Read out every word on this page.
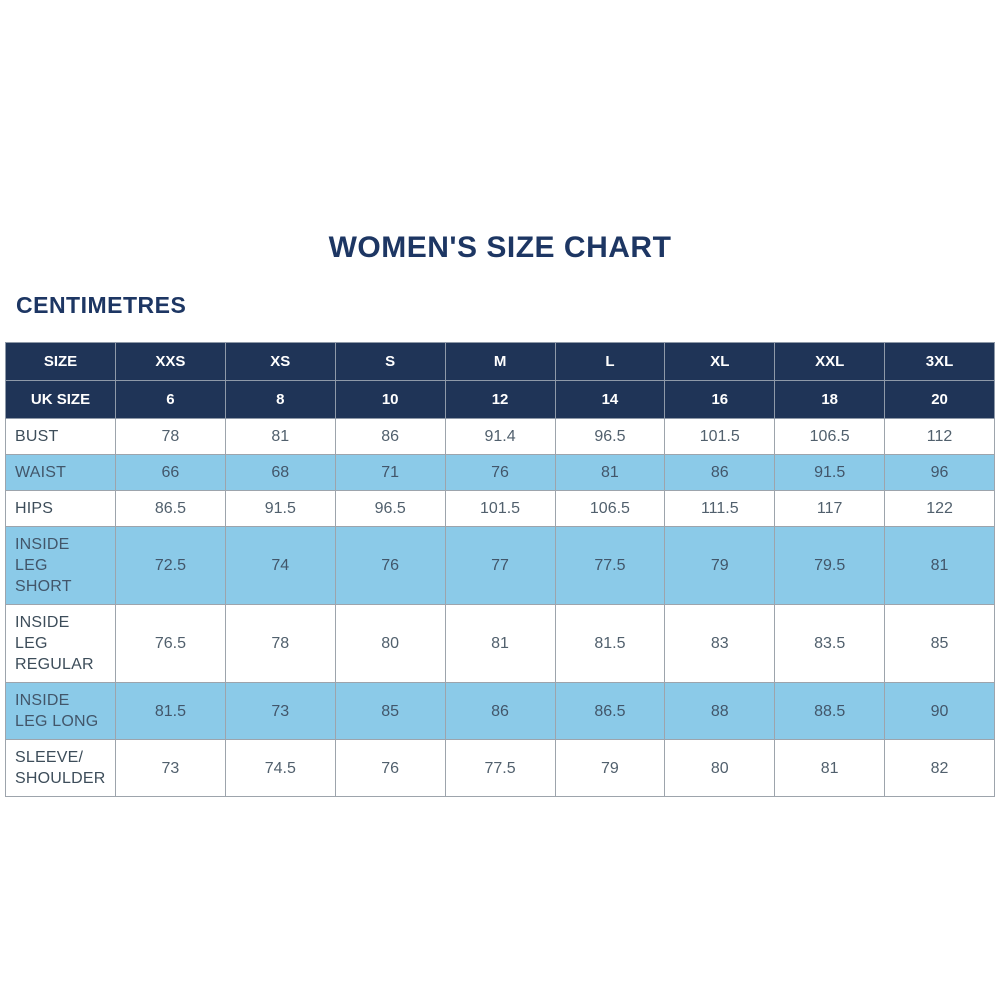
WOMEN'S SIZE CHART
CENTIMETRES
SIZE	XXS	XS	S	M	L	XL	XXL	3XL
UK SIZE	6	8	10	12	14	16	18	20
BUST	78	81	86	91.4	96.5	101.5	106.5	112
WAIST	66	68	71	76	81	86	91.5	96
HIPS	86.5	91.5	96.5	101.5	106.5	111.5	117	122
INSIDE LEG SHORT	72.5	74	76	77	77.5	79	79.5	81
INSIDE LEG REGULAR	76.5	78	80	81	81.5	83	83.5	85
INSIDE LEG LONG	81.5	73	85	86	86.5	88	88.5	90
SLEEVE/ SHOULDER	73	74.5	76	77.5	79	80	81	82
